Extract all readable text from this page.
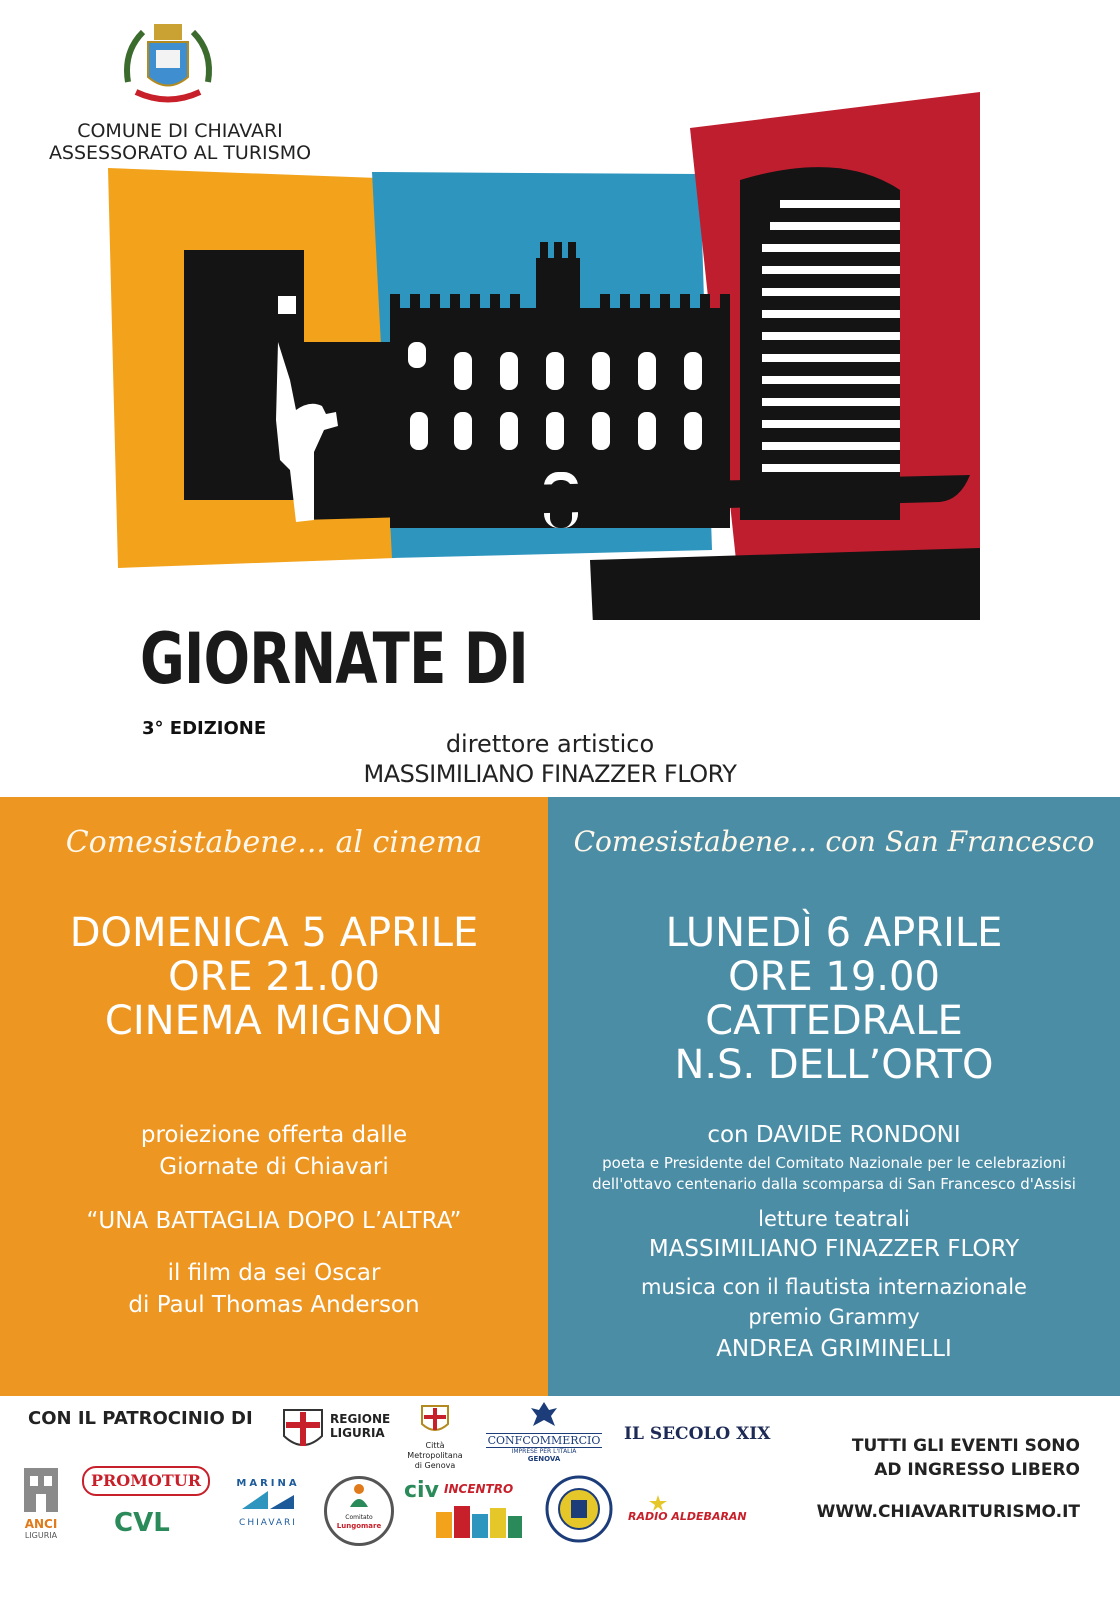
COMUNE DI CHIAVARI
ASSESSORATO AL TURISMO
GIORNATE DI CHIAVARI
3° EDIZIONE
direttore artistico
MASSIMILIANO FINAZZER FLORY
Comesistabene... al cinema
DOMENICA 5 APRILE
ORE 21.00
CINEMA MIGNON
proiezione offerta dalle
Giornate di Chiavari
“UNA BATTAGLIA DOPO L’ALTRA”
il film da sei Oscar
di Paul Thomas Anderson
Comesistabene... con San Francesco
LUNEDÌ 6 APRILE
ORE 19.00
CATTEDRALE
N.S. DELL’ORTO
con DAVIDE RONDONI
poeta e Presidente del Comitato Nazionale per le celebrazioni
dell'ottavo centenario dalla scomparsa di San Francesco d'Assisi
letture teatrali
MASSIMILIANO FINAZZER FLORY
musica con il flautista internazionale
premio Grammy
ANDREA GRIMINELLI
CON IL PATROCINIO DI	REGIONE
LIGURIA
Città Metropolitana
di Genova
CONFCOMMERCIO
IMPRESE PER L'ITALIA
GENOVA
IL SECOLO XIX
ANCI
LIGURIA
PROMOTUR
CVL
MARINA
CHIAVARI
Comitato
Lungomare
civ INCENTRO
RADIO ALDEBARAN
TUTTI GLI EVENTI SONO
AD INGRESSO LIBERO
WWW.CHIAVARITURISMO.IT
